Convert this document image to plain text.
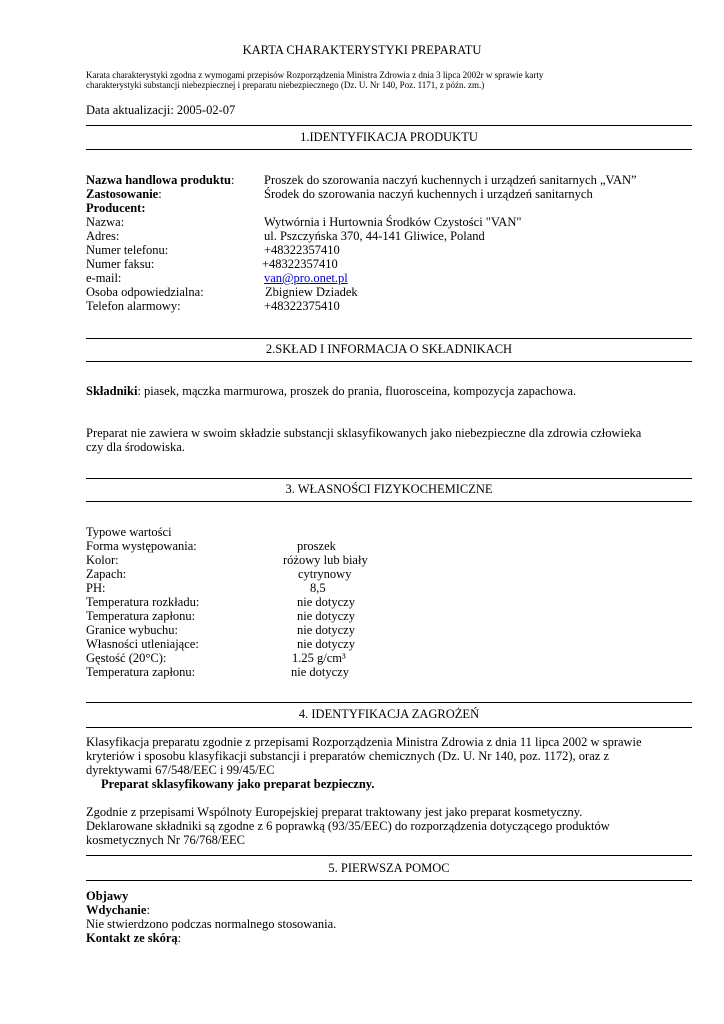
KARTA CHARAKTERYSTYKI PREPARATU
Karata charakterystyki zgodna z wymogami przepisów Rozporządzenia Ministra Zdrowia z dnia 3 lipca 2002r w sprawie karty
charakterystyki substancji niebezpiecznej i preparatu niebezpiecznego (Dz. U. Nr 140, Poz. 1171, z późn. zm.)
Data aktualizacji: 2005-02-07
1.IDENTYFIKACJA PRODUKTU
Nazwa handlowa produktu: Proszek do szorowania naczyń kuchennych i urządzeń sanitarnych „VAN”
Zastosowanie:	Środek do szorowania naczyń kuchennych i urządzeń sanitarnych
Producent:
Nazwa:	Wytwórnia i Hurtownia Środków Czystości "VAN"
Adres:	ul. Pszczyńska 370, 44-141 Gliwice, Poland
Numer telefonu:	+48322357410
Numer faksu:	+48322357410
e-mail:	van@pro.onet.pl
Osoba odpowiedzialna:	Zbigniew Dziadek
Telefon alarmowy:	+48322375410
2.SKŁAD I INFORMACJA O SKŁADNIKACH
Składniki: piasek, mączka marmurowa, proszek do prania, fluorosceina, kompozycja zapachowa.
Preparat nie zawiera w swoim składzie substancji sklasyfikowanych jako niebezpieczne dla zdrowia człowieka
czy dla środowiska.
3. WŁASNOŚCI FIZYKOCHEMICZNE
Typowe wartości
Forma występowania:	proszek
Kolor:	różowy lub biały
Zapach:	cytrynowy
PH:	8,5
Temperatura rozkładu:	nie dotyczy
Temperatura zapłonu:	nie dotyczy
Granice wybuchu:	nie dotyczy
Własności utleniające:	nie dotyczy
Gęstość (20°C):	1.25 g/cm³
Temperatura zapłonu:	nie dotyczy
4. IDENTYFIKACJA ZAGROŻEŃ
Klasyfikacja preparatu zgodnie z przepisami Rozporządzenia Ministra Zdrowia z dnia 11 lipca 2002 w sprawie
kryteriów i sposobu klasyfikacji substancji i preparatów chemicznych (Dz. U. Nr 140, poz. 1172), oraz z
dyrektywami 67/548/EEC i 99/45/EC
Preparat sklasyfikowany jako preparat bezpieczny.
Zgodnie z przepisami Wspólnoty Europejskiej preparat traktowany jest jako preparat kosmetyczny.
Deklarowane składniki są zgodne z 6 poprawką (93/35/EEC) do rozporządzenia dotyczącego produktów
kosmetycznych Nr 76/768/EEC
5. PIERWSZA POMOC
Objawy
Wdychanie:
Nie stwierdzono podczas normalnego stosowania.
Kontakt ze skórą:
